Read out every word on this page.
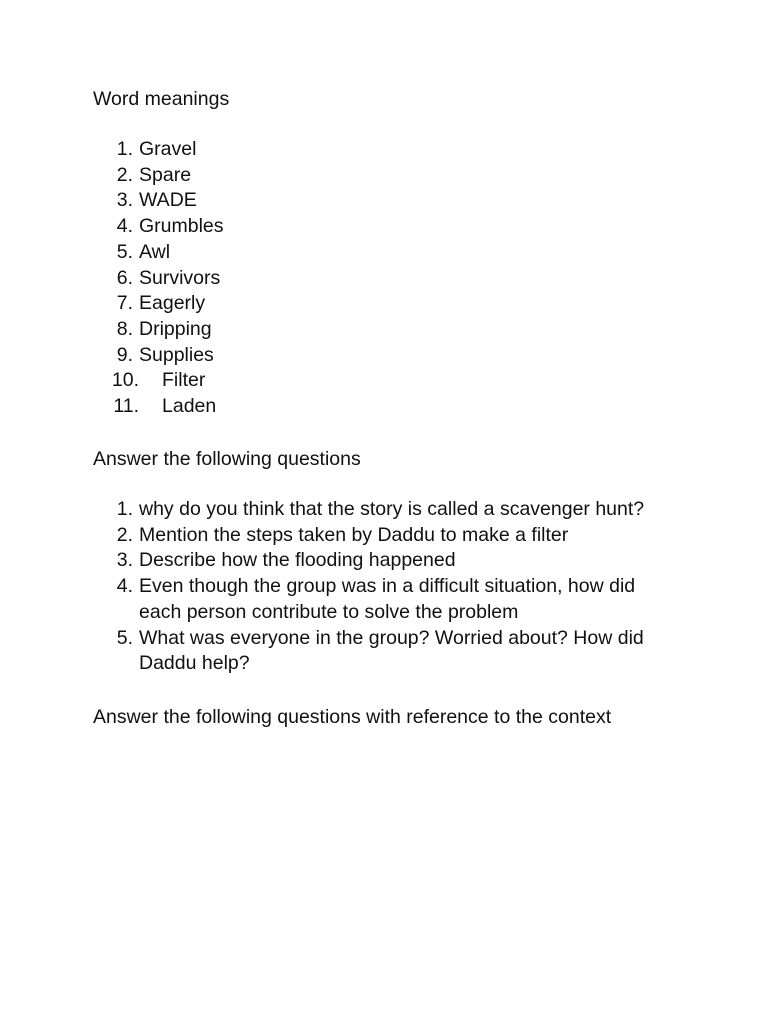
Word meanings
1. Gravel
2. Spare
3. WADE
4. Grumbles
5. Awl
6. Survivors
7. Eagerly
8. Dripping
9. Supplies
10.	Filter
11.	Laden
Answer the following questions
1. why do you think that the story is called a scavenger hunt?
2. Mention the steps taken by Daddu to make a filter
3. Describe how the flooding happened
4. Even though the group was in a difficult situation, how did each person contribute to solve the problem
5. What was everyone in the group? Worried about? How did Daddu help?
Answer the following questions with reference to the context
